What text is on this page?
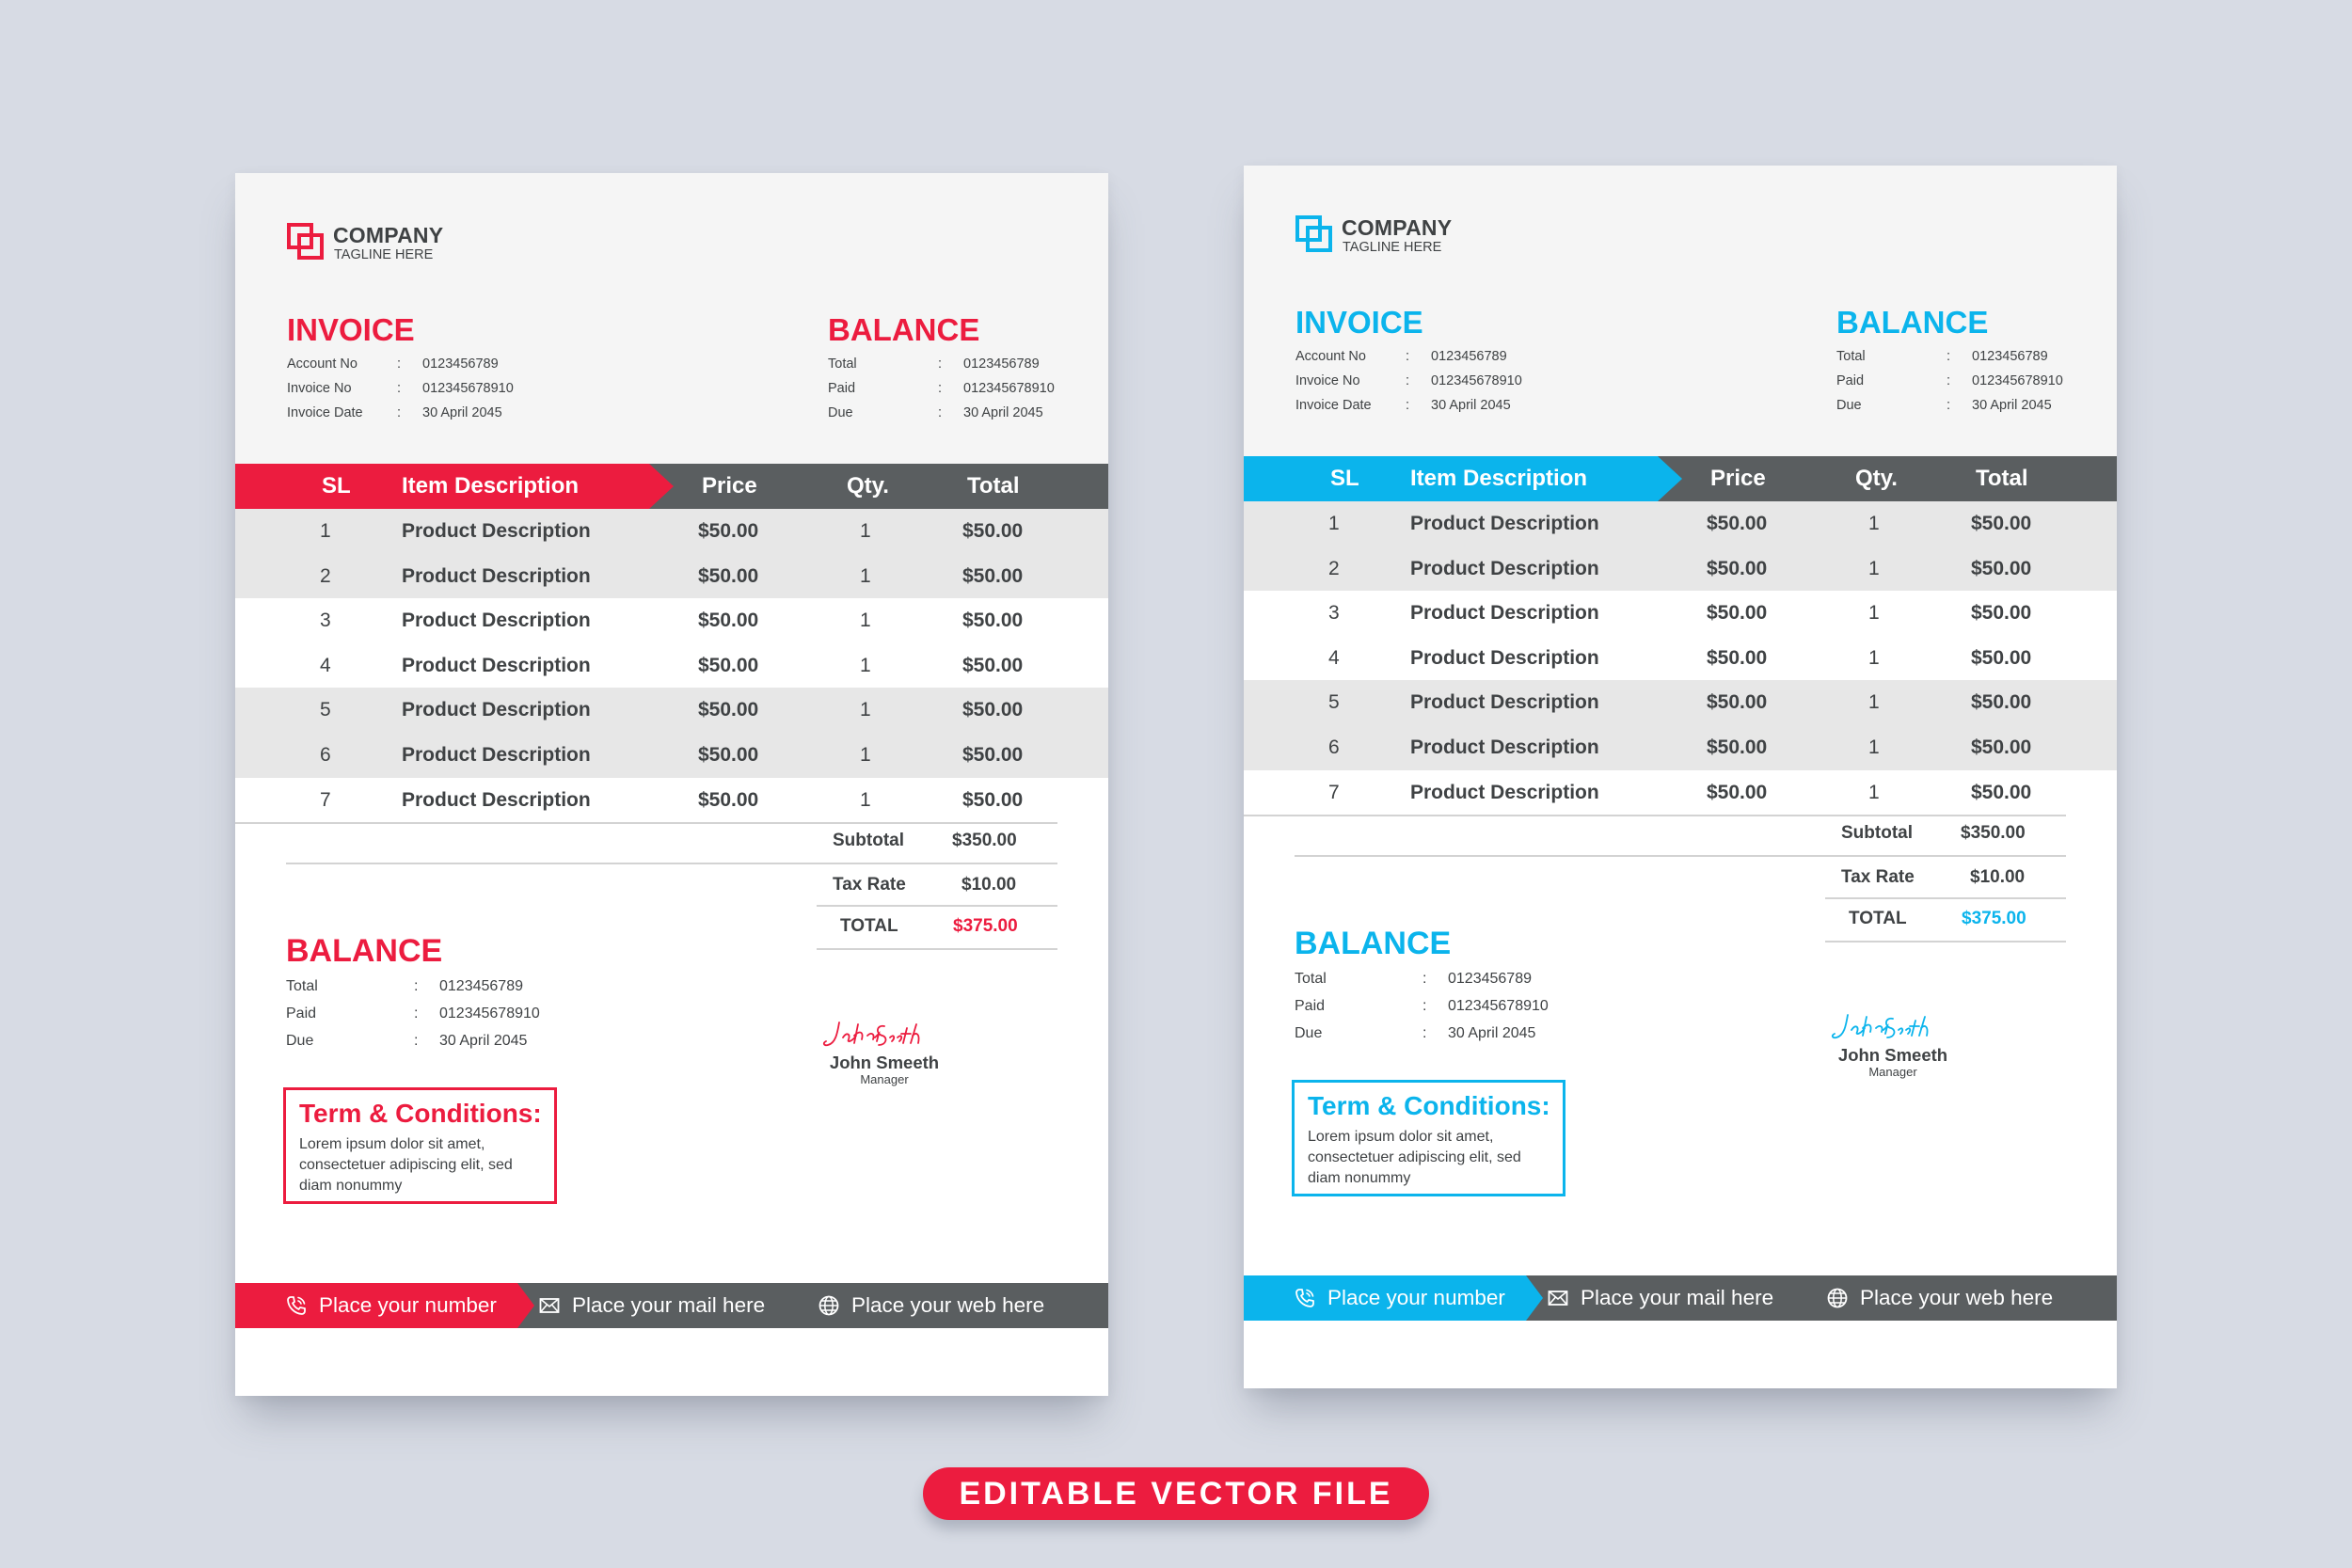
COMPANY
TAGLINE HERE
INVOICE
Account No	: 0123456789
Invoice No	: 012345678910
Invoice Date	: 30 April 2045
BALANCE
Total	: 0123456789
Paid	: 012345678910
Due	: 30 April 2045
SL Item Description	Price	Qty.	Total
1	Product Description	$50.00	1	$50.00
2	Product Description	$50.00	1	$50.00
3	Product Description	$50.00	1	$50.00
4	Product Description	$50.00	1	$50.00
5	Product Description	$50.00	1	$50.00
6	Product Description	$50.00	1	$50.00
7	Product Description	$50.00	1	$50.00
Subtotal	$350.00
Tax Rate	$10.00
TOTAL	$375.00
BALANCE
Total	: 0123456789
Paid	: 012345678910
Due	: 30 April 2045
John Smeeth
Manager
Term & Conditions:
Lorem ipsum dolor sit amet, consectetuer adipiscing elit, sed diam nonummy
Place your number	Place your mail here	Place your web here
COMPANY
TAGLINE HERE
INVOICE
Account No	: 0123456789
Invoice No	: 012345678910
Invoice Date	: 30 April 2045
BALANCE
Total	: 0123456789
Paid	: 012345678910
Due	: 30 April 2045
SL Item Description	Price	Qty.	Total
1	Product Description	$50.00	1	$50.00
2	Product Description	$50.00	1	$50.00
3	Product Description	$50.00	1	$50.00
4	Product Description	$50.00	1	$50.00
5	Product Description	$50.00	1	$50.00
6	Product Description	$50.00	1	$50.00
7	Product Description	$50.00	1	$50.00
Subtotal	$350.00
Tax Rate	$10.00
TOTAL	$375.00
BALANCE
Total	: 0123456789
Paid	: 012345678910
Due	: 30 April 2045
John Smeeth
Manager
Term & Conditions:
Lorem ipsum dolor sit amet, consectetuer adipiscing elit, sed diam nonummy
Place your number	Place your mail here	Place your web here
EDITABLE VECTOR FILE
